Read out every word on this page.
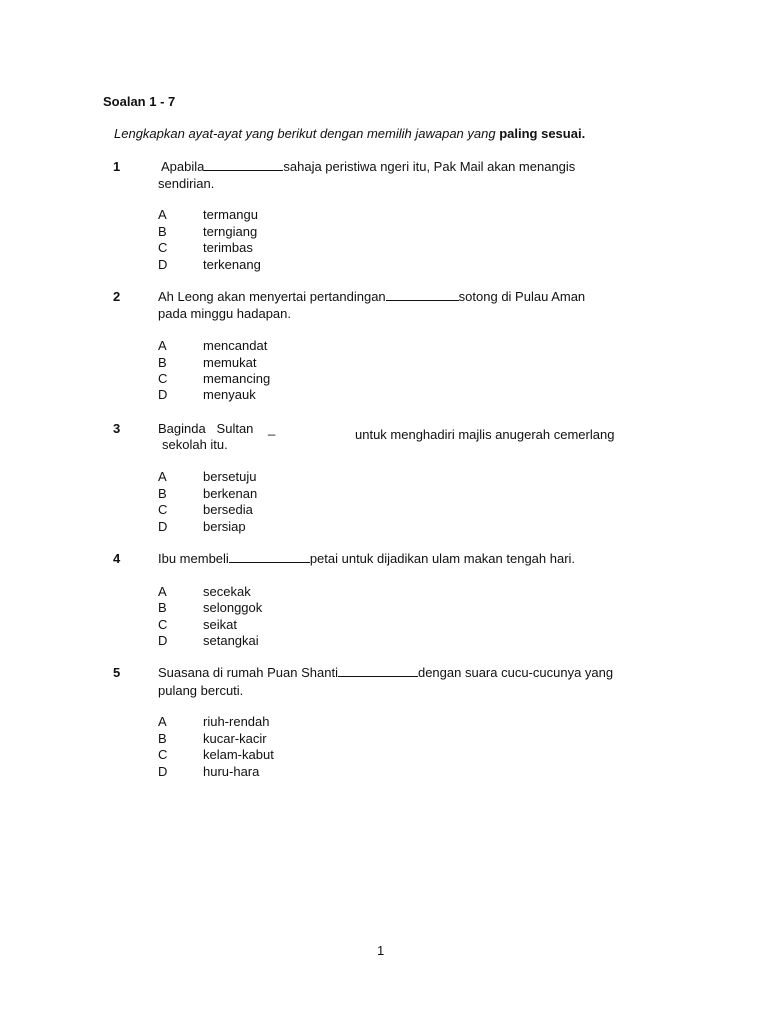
Soalan 1 - 7
Lengkapkan ayat-ayat yang berikut dengan memilih jawapan yang paling sesuai.
1	Apabila	sahaja peristiwa ngeri itu, Pak Mail akan menangis
sendirian.
A	termangu
B	terngiang
C	terimbas
D	terkenang
2	Ah Leong akan menyertai pertandingan	sotong di Pulau Aman
pada minggu hadapan.
A	mencandat
B	memukat
C	memancing
D	menyauk
3	Baginda   Sultan _	untuk menghadiri majlis anugerah cemerlang
sekolah itu.
A	bersetuju
B	berkenan
C	bersedia
D	bersiap
4	Ibu membeli	petai untuk dijadikan ulam makan tengah hari.
A	secekak
B	selonggok
C	seikat
D	setangkai
5	Suasana di rumah Puan Shanti	dengan suara cucu-cucunya yang
pulang bercuti.
A	riuh-rendah
B	kucar-kacir
C	kelam-kabut
D	huru-hara
1
